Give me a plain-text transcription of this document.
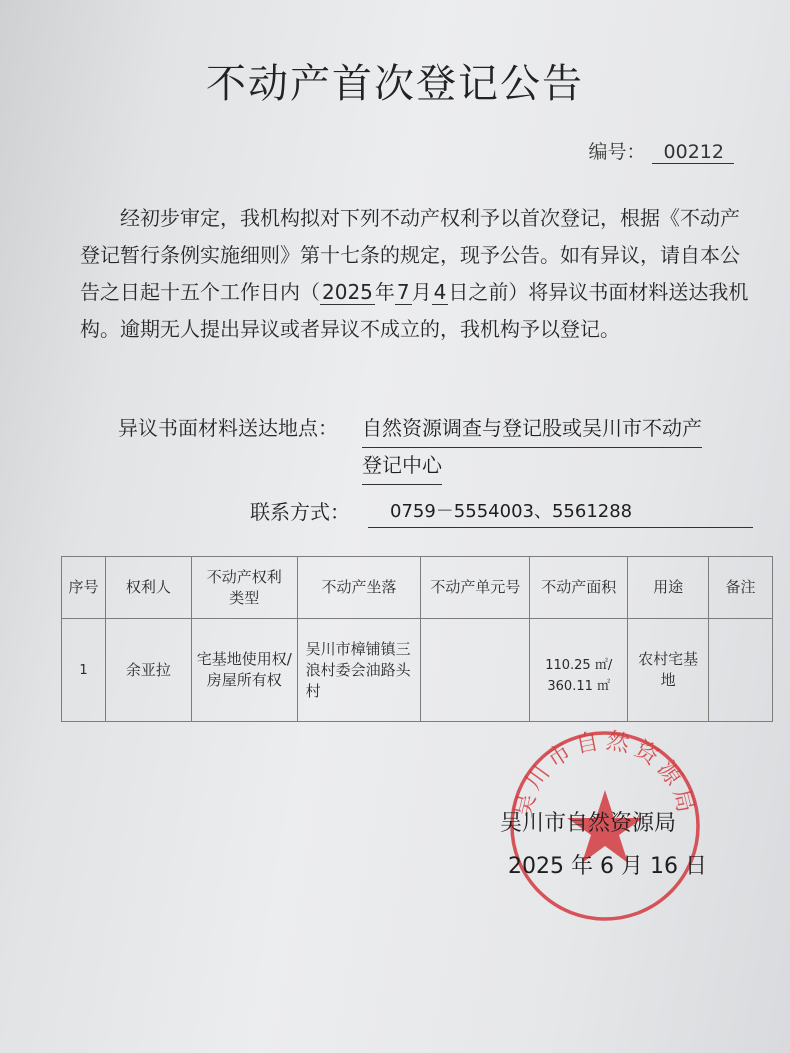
不动产首次登记公告
编号： 00212
经初步审定，我机构拟对下列不动产权利予以首次登记，根据《不动产登记暂行条例实施细则》第十七条的规定，现予公告。如有异议，请自本公告之日起十五个工作日内（ 2025 年 7 月 4 日之前）将异议书面材料送达我机构。逾期无人提出异议或者异议不成立的，我机构予以登记。
异议书面材料送达地点： 自然资源调查与登记股或吴川市不动产
登记中心
联系方式：	0759－5554003、5561288
序号	权利人	不动产权利类型	不动产坐落	不动产单元号	不动产面积	用途	备注
1	余亚拉	宅基地使用权/房屋所有权	吴川市樟铺镇三浪村委会油路头村		110.25 ㎡/ 360.11 ㎡	农村宅基地	
吴川市自然资源局
吴川市自然资源局
2025 年 6 月 16 日
